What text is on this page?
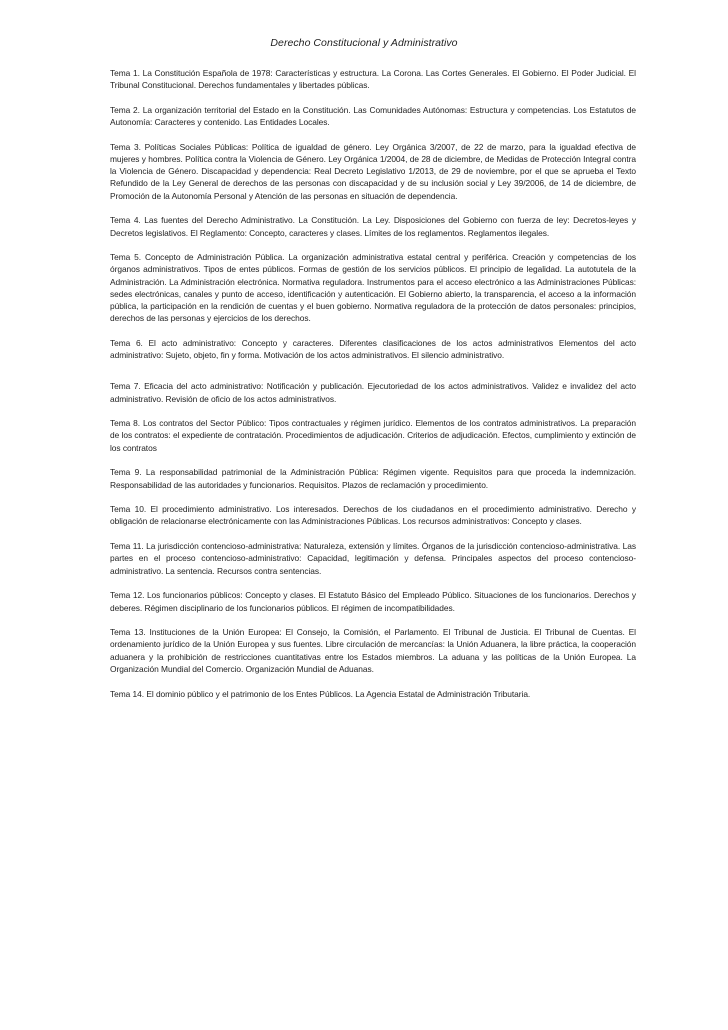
Derecho Constitucional y Administrativo
Tema 1. La Constitución Española de 1978: Características y estructura. La Corona. Las Cortes Generales. El Gobierno. El Poder Judicial. El Tribunal Constitucional. Derechos fundamentales y libertades públicas.
Tema 2. La organización territorial del Estado en la Constitución. Las Comunidades Autónomas: Estructura y competencias. Los Estatutos de Autonomía: Caracteres y contenido. Las Entidades Locales.
Tema 3. Políticas Sociales Públicas: Política de igualdad de género. Ley Orgánica 3/2007, de 22 de marzo, para la igualdad efectiva de mujeres y hombres. Política contra la Violencia de Género. Ley Orgánica 1/2004, de 28 de diciembre, de Medidas de Protección Integral contra la Violencia de Género. Discapacidad y dependencia: Real Decreto Legislativo 1/2013, de 29 de noviembre, por el que se aprueba el Texto Refundido de la Ley General de derechos de las personas con discapacidad y de su inclusión social y Ley 39/2006, de 14 de diciembre, de Promoción de la Autonomía Personal y Atención de las personas en situación de dependencia.
Tema 4. Las fuentes del Derecho Administrativo. La Constitución. La Ley. Disposiciones del Gobierno con fuerza de ley: Decretos-leyes y Decretos legislativos. El Reglamento: Concepto, caracteres y clases. Límites de los reglamentos. Reglamentos ilegales.
Tema 5. Concepto de Administración Pública. La organización administrativa estatal central y periférica. Creación y competencias de los órganos administrativos. Tipos de entes públicos. Formas de gestión de los servicios públicos. El principio de legalidad. La autotutela de la Administración. La Administración electrónica. Normativa reguladora. Instrumentos para el acceso electrónico a las Administraciones Públicas: sedes electrónicas, canales y punto de acceso, identificación y autenticación. El Gobierno abierto, la transparencia, el acceso a la información pública, la participación en la rendición de cuentas y el buen gobierno. Normativa reguladora de la protección de datos personales: principios, derechos de las personas y ejercicios de los derechos.
Tema 6. El acto administrativo: Concepto y caracteres. Diferentes clasificaciones de los actos administrativos Elementos del acto administrativo: Sujeto, objeto, fin y forma. Motivación de los actos administrativos. El silencio administrativo.
Tema 7. Eficacia del acto administrativo: Notificación y publicación. Ejecutoriedad de los actos administrativos. Validez e invalidez del acto administrativo. Revisión de oficio de los actos administrativos.
Tema 8. Los contratos del Sector Público: Tipos contractuales y régimen jurídico. Elementos de los contratos administrativos. La preparación de los contratos: el expediente de contratación. Procedimientos de adjudicación. Criterios de adjudicación. Efectos, cumplimiento y extinción de los contratos
Tema 9. La responsabilidad patrimonial de la Administración Pública: Régimen vigente. Requisitos para que proceda la indemnización. Responsabilidad de las autoridades y funcionarios. Requisitos. Plazos de reclamación y procedimiento.
Tema 10. El procedimiento administrativo. Los interesados. Derechos de los ciudadanos en el procedimiento administrativo. Derecho y obligación de relacionarse electrónicamente con las Administraciones Públicas. Los recursos administrativos: Concepto y clases.
Tema 11. La jurisdicción contencioso-administrativa: Naturaleza, extensión y límites. Órganos de la jurisdicción contencioso-administrativa. Las partes en el proceso contencioso-administrativo: Capacidad, legitimación y defensa. Principales aspectos del proceso contencioso-administrativo. La sentencia. Recursos contra sentencias.
Tema 12. Los funcionarios públicos: Concepto y clases. El Estatuto Básico del Empleado Público. Situaciones de los funcionarios. Derechos y deberes. Régimen disciplinario de los funcionarios públicos. El régimen de incompatibilidades.
Tema 13. Instituciones de la Unión Europea: El Consejo, la Comisión, el Parlamento. El Tribunal de Justicia. El Tribunal de Cuentas. El ordenamiento jurídico de la Unión Europea y sus fuentes. Libre circulación de mercancías: la Unión Aduanera, la libre práctica, la cooperación aduanera y la prohibición de restricciones cuantitativas entre los Estados miembros. La aduana y las políticas de la Unión Europea. La Organización Mundial del Comercio. Organización Mundial de Aduanas.
Tema 14. El dominio público y el patrimonio de los Entes Públicos. La Agencia Estatal de Administración Tributaria.
